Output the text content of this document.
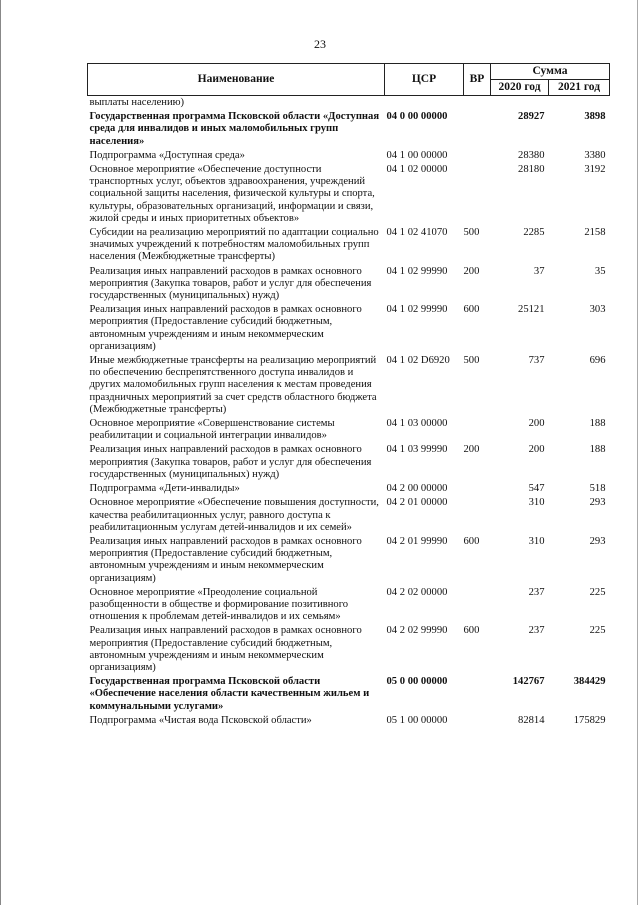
23
Наименование	ЦСР	ВР	Сумма	
			2020 год	2021 год
выплаты населению)				
Государственная программа Псковской области «Доступная среда для инвалидов и иных маломобильных групп населения»	04 0 00 00000		28927	3898
Подпрограмма «Доступная среда»	04 1 00 00000		28380	3380
Основное мероприятие «Обеспечение доступности транспортных услуг, объектов здравоохранения, учреждений социальной защиты населения, физической культуры и спорта, культуры, образовательных организаций, информации и связи, жилой среды и иных приоритетных объектов»	04 1 02 00000		28180	3192
Субсидии на реализацию мероприятий по адаптации социально значимых учреждений к потребностям маломобильных групп населения (Межбюджетные трансферты)	04 1 02 41070	500	2285	2158
Реализация иных направлений расходов в рамках основного мероприятия (Закупка товаров, работ и услуг для обеспечения государственных (муниципальных) нужд)	04 1 02 99990	200	37	35
Реализация иных направлений расходов в рамках основного мероприятия (Предоставление субсидий бюджетным, автономным учреждениям и иным некоммерческим организациям)	04 1 02 99990	600	25121	303
Иные межбюджетные трансферты на реализацию мероприятий по обеспечению беспрепятственного доступа инвалидов и других маломобильных групп населения к местам проведения праздничных мероприятий за счет средств областного бюджета (Межбюджетные трансферты)	04 1 02 D6920	500	737	696
Основное мероприятие «Совершенствование системы реабилитации и социальной интеграции инвалидов»	04 1 03 00000		200	188
Реализация иных направлений расходов в рамках основного мероприятия (Закупка товаров, работ и услуг для обеспечения государственных (муниципальных) нужд)	04 1 03 99990	200	200	188
Подпрограмма «Дети-инвалиды»	04 2 00 00000		547	518
Основное мероприятие «Обеспечение повышения доступности, качества реабилитационных услуг, равного доступа к реабилитационным услугам детей-инвалидов и их семей»	04 2 01 00000		310	293
Реализация иных направлений расходов в рамках основного мероприятия (Предоставление субсидий бюджетным, автономным учреждениям и иным некоммерческим организациям)	04 2 01 99990	600	310	293
Основное мероприятие «Преодоление социальной разобщенности в обществе и формирование позитивного отношения к проблемам детей-инвалидов и их семьям»	04 2 02 00000		237	225
Реализация иных направлений расходов в рамках основного мероприятия (Предоставление субсидий бюджетным, автономным учреждениям и иным некоммерческим организациям)	04 2 02 99990	600	237	225
Государственная программа Псковской области «Обеспечение населения области качественным жильем и коммунальными услугами»	05 0 00 00000		142767	384429
Подпрограмма «Чистая вода Псковской области»	05 1 00 00000		82814	175829
